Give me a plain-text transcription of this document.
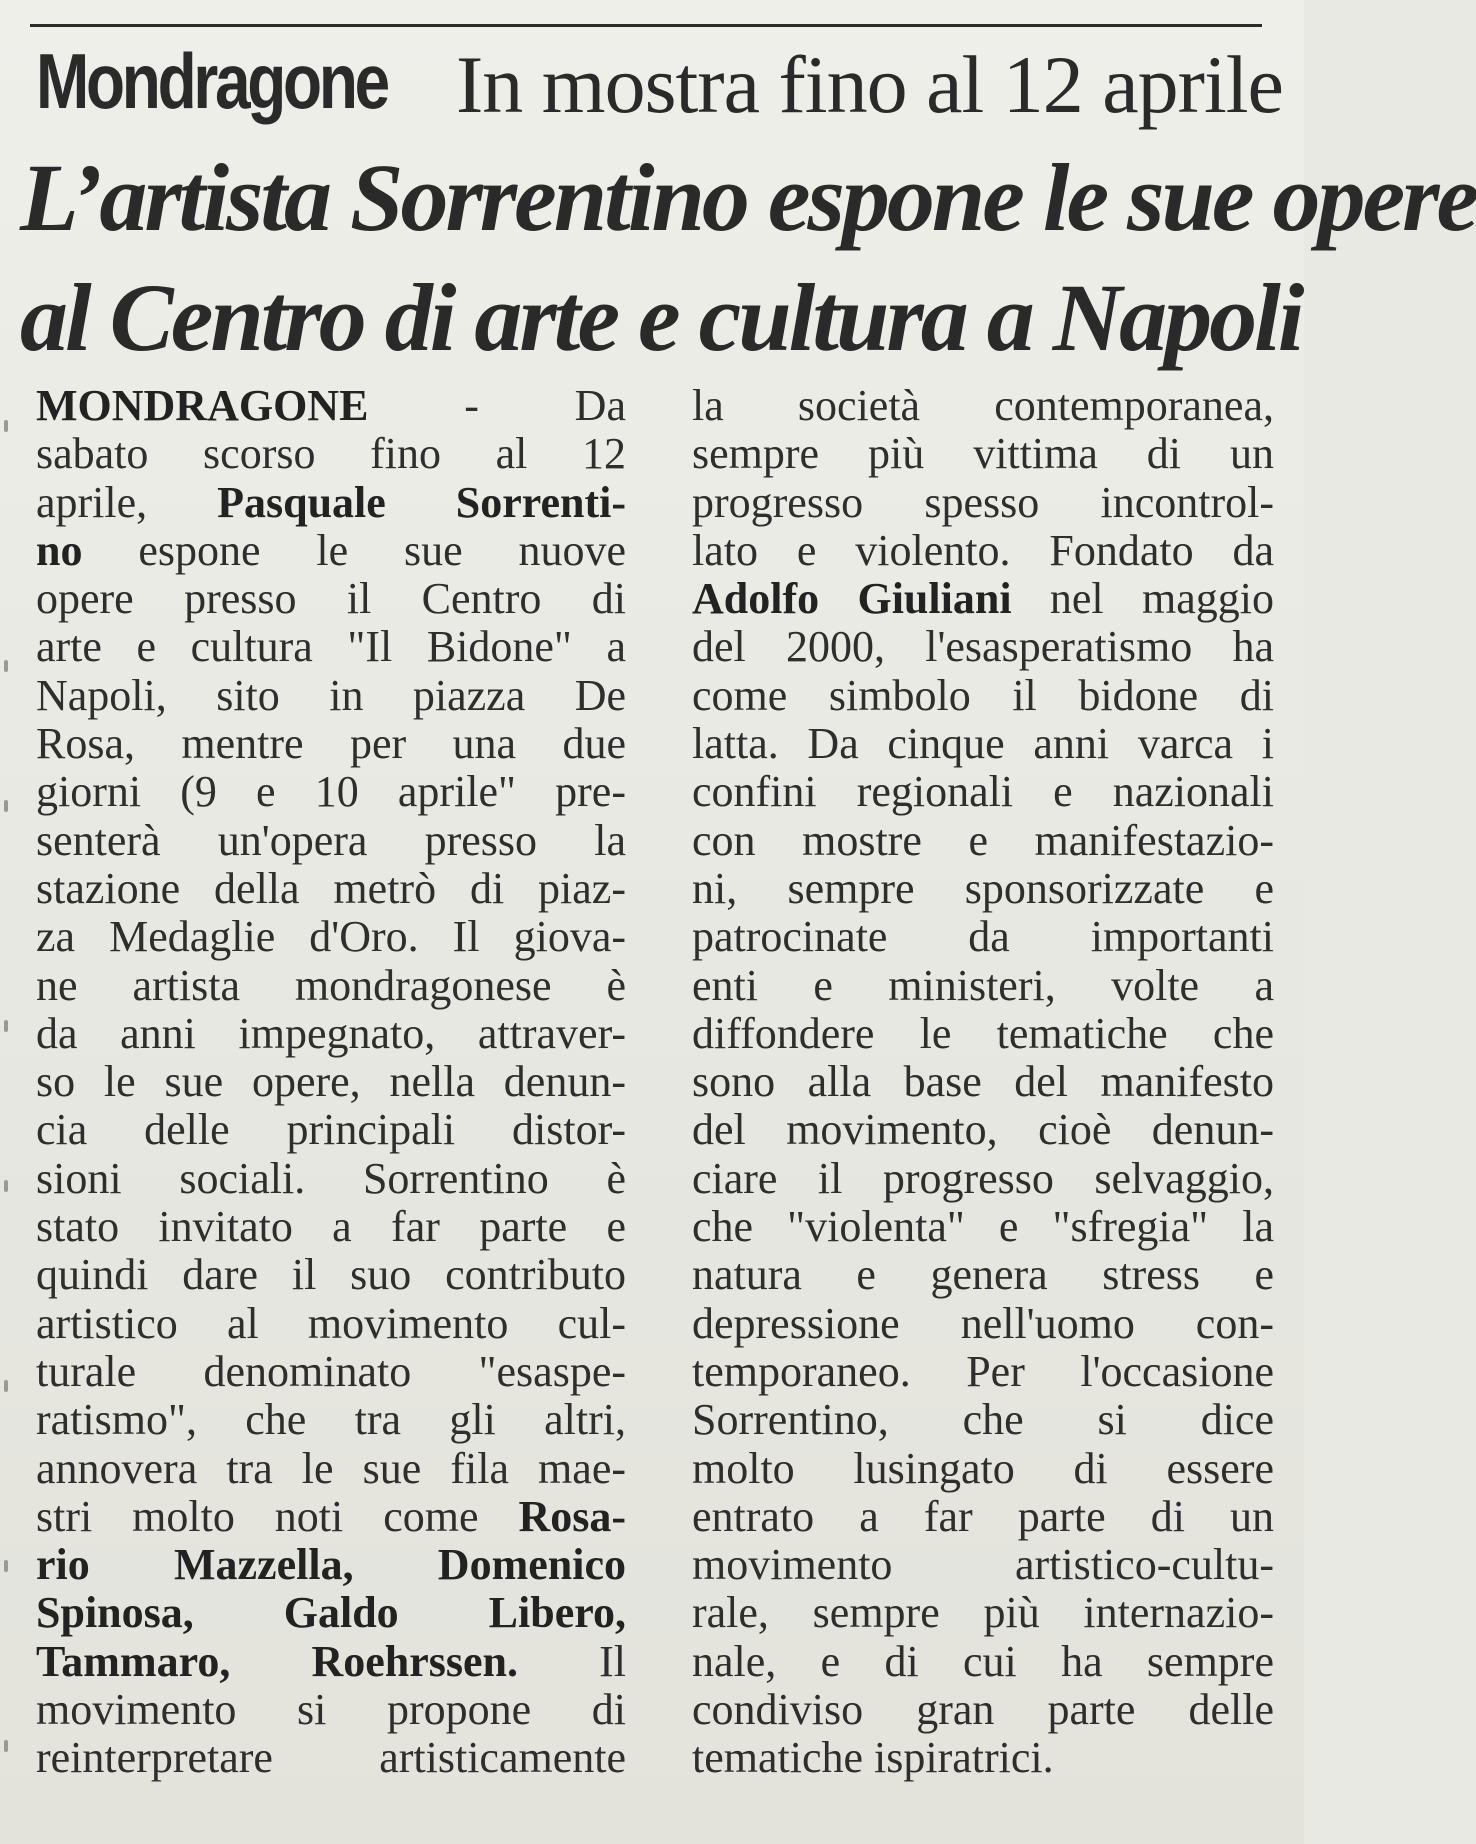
Mondragone In mostra fino al 12 aprile
L’artista Sorrentino espone le sue opere
al Centro di arte e cultura a Napoli
MONDRAGONE - Da
sabato scorso fino al 12
aprile, Pasquale Sorrenti-
no espone le sue nuove
opere presso il Centro di
arte e cultura "Il Bidone" a
Napoli, sito in piazza De
Rosa, mentre per una due
giorni (9 e 10 aprile" pre-
senterà un'opera presso la
stazione della metrò di piaz-
za Medaglie d'Oro. Il giova-
ne artista mondragonese è
da anni impegnato, attraver-
so le sue opere, nella denun-
cia delle principali distor-
sioni sociali. Sorrentino è
stato invitato a far parte e
quindi dare il suo contributo
artistico al movimento cul-
turale denominato "esaspe-
ratismo", che tra gli altri,
annovera tra le sue fila mae-
stri molto noti come Rosa-
rio Mazzella, Domenico
Spinosa, Galdo Libero,
Tammaro, Roehrssen. Il
movimento si propone di
reinterpretare artisticamente
la società contemporanea,
sempre più vittima di un
progresso spesso incontrol-
lato e violento. Fondato da
Adolfo Giuliani nel maggio
del 2000, l'esasperatismo ha
come simbolo il bidone di
latta. Da cinque anni varca i
confini regionali e nazionali
con mostre e manifestazio-
ni, sempre sponsorizzate e
patrocinate da importanti
enti e ministeri, volte a
diffondere le tematiche che
sono alla base del manifesto
del movimento, cioè denun-
ciare il progresso selvaggio,
che "violenta" e "sfregia" la
natura e genera stress e
depressione nell'uomo con-
temporaneo. Per l'occasione
Sorrentino, che si dice
molto lusingato di essere
entrato a far parte di un
movimento artistico-cultu-
rale, sempre più internazio-
nale, e di cui ha sempre
condiviso gran parte delle
tematiche ispiratrici.
